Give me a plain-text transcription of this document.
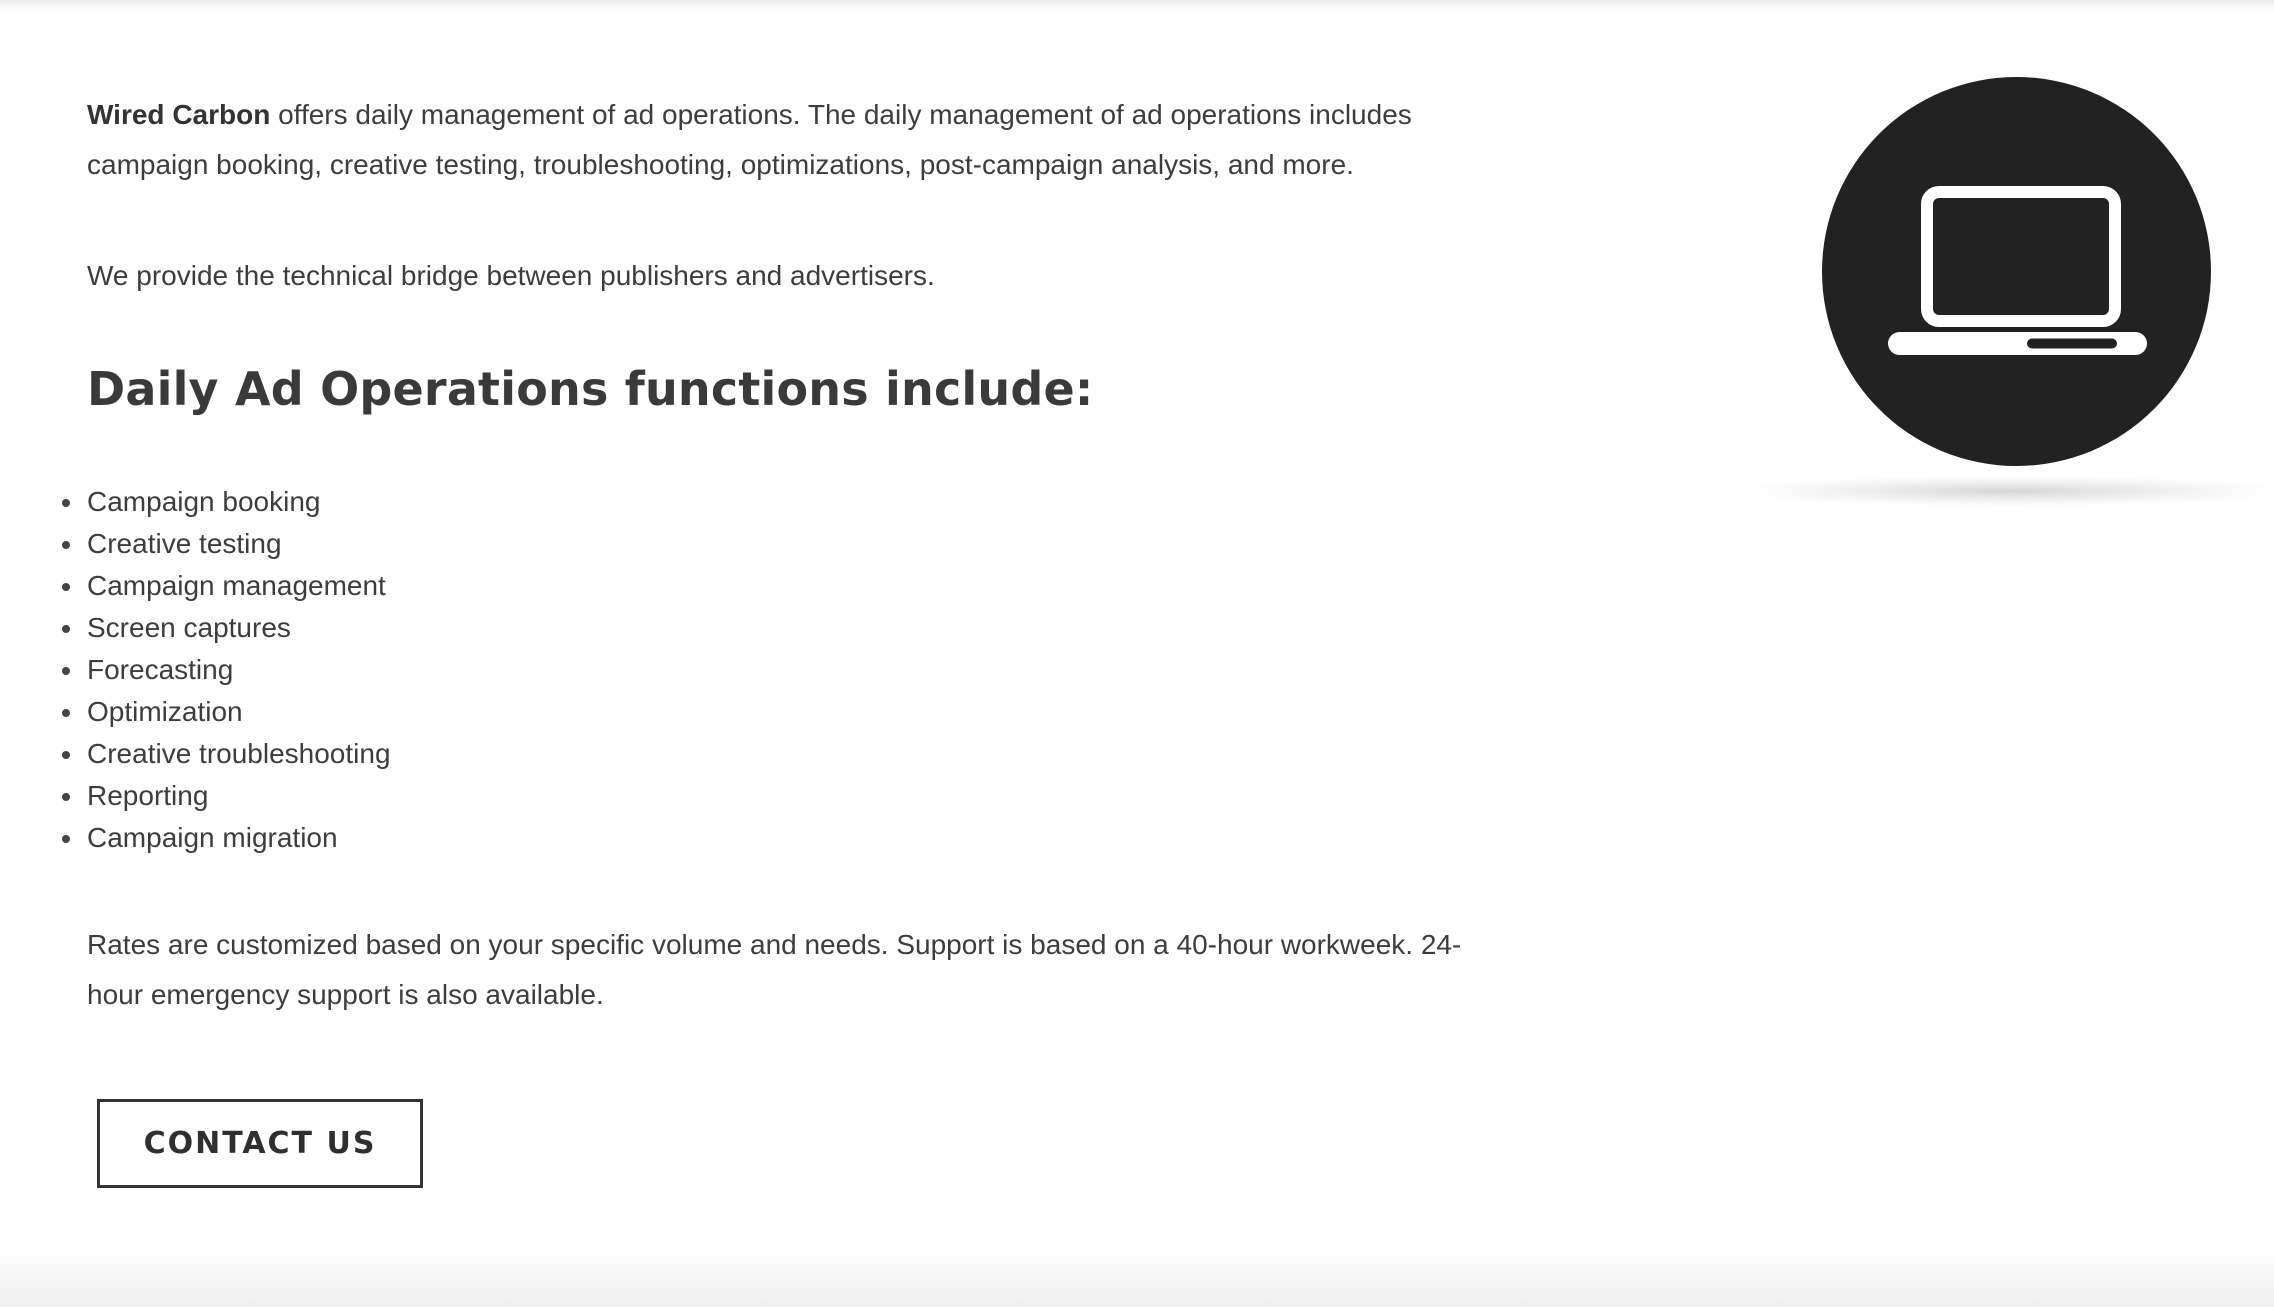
Wired Carbon offers daily management of ad operations. The daily management of ad operations includes campaign booking, creative testing, troubleshooting, optimizations, post-campaign analysis, and more.

We provide the technical bridge between publishers and advertisers.

Daily Ad Operations functions include:
Campaign booking
Creative testing
Campaign management
Screen captures
Forecasting
Optimization
Creative troubleshooting
Reporting
Campaign migration

Rates are customized based on your specific volume and needs. Support is based on a 40-hour workweek. 24-hour emergency support is also available.

CONTACT US
